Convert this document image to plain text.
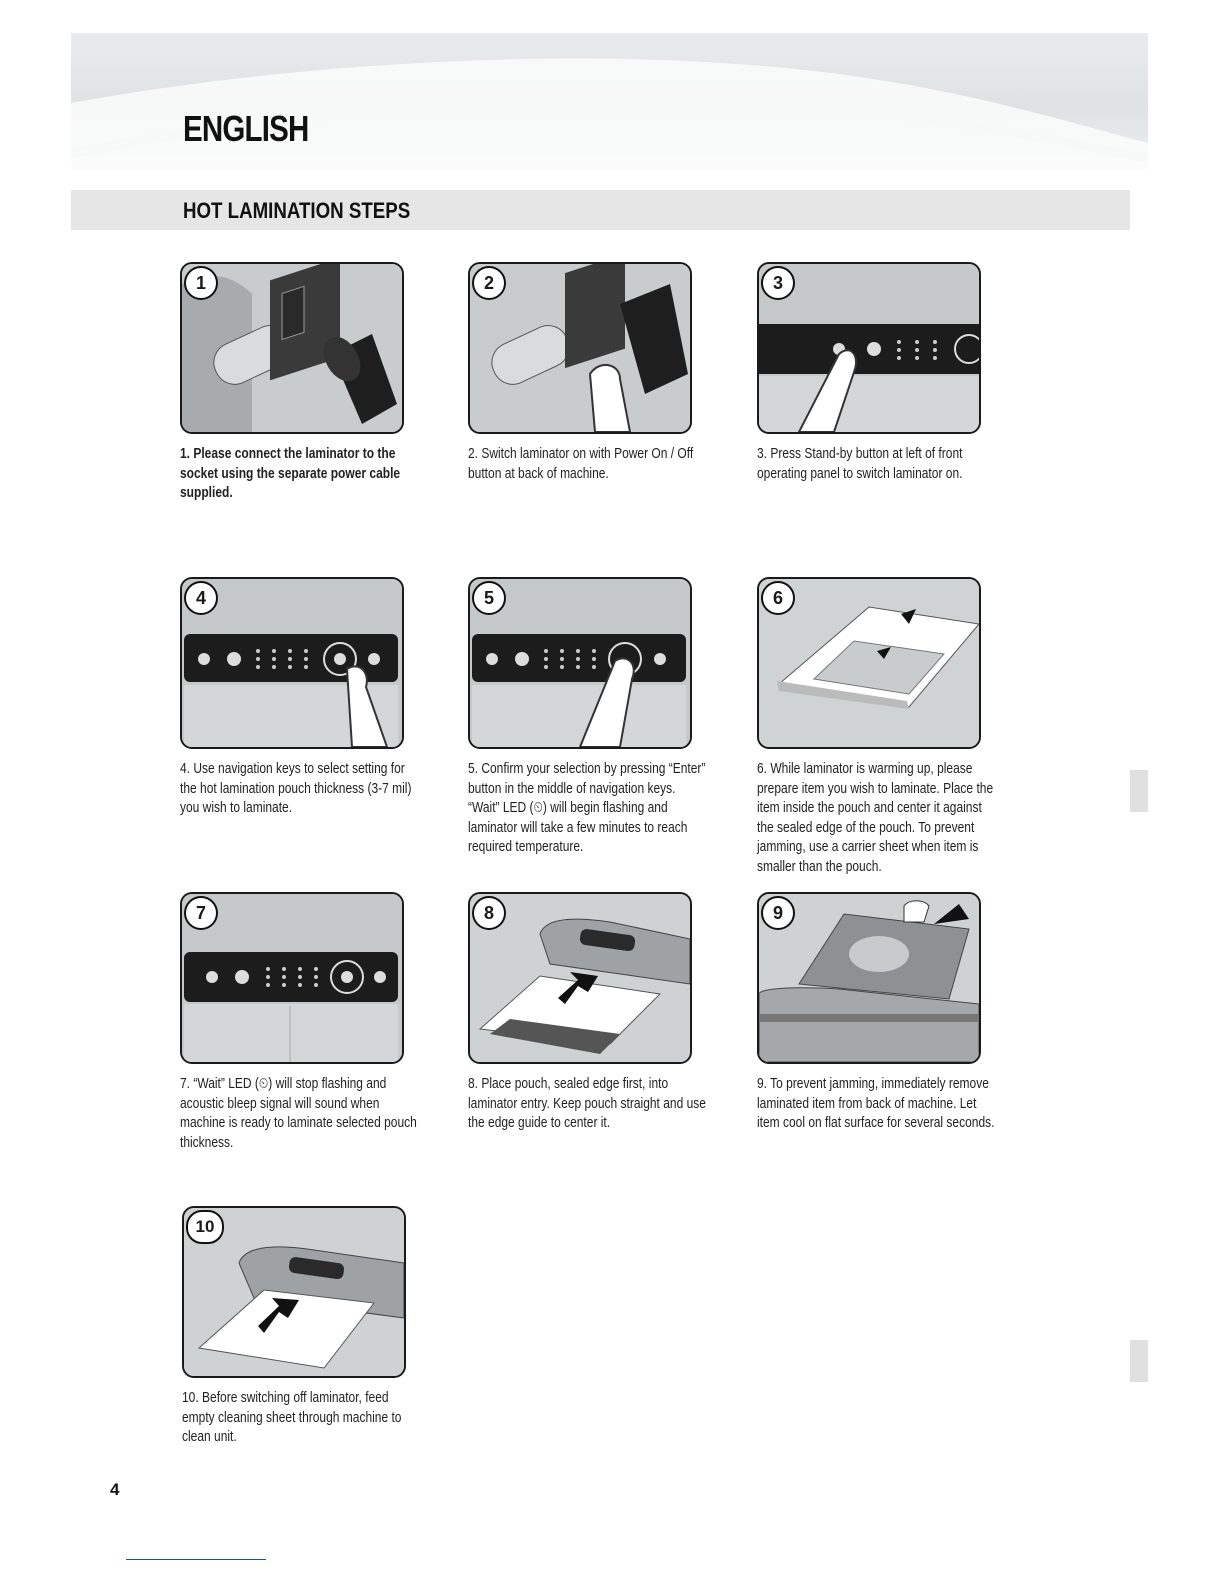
ENGLISH
HOT LAMINATION STEPS
1

1. Please connect the laminator to the socket using the separate power cable supplied.

2

2. Switch laminator on with Power On / Off button at back of machine.

3

3. Press Stand-by button at left of front operating panel to switch laminator on.

4

4. Use navigation keys to select setting for the hot lamination pouch thickness (3-7 mil) you wish to laminate.

5

5. Confirm your selection by pressing “Enter” button in the middle of navigation keys. “Wait” LED (⏲) will begin flashing and laminator will take a few minutes to reach required temperature.

6

6. While laminator is warming up, please prepare item you wish to laminate. Place the item inside the pouch and center it against the sealed edge of the pouch. To prevent jamming, use a carrier sheet when item is smaller than the pouch.

7

7. “Wait” LED (⏲) will stop flashing and acoustic bleep signal will sound when machine is ready to laminate selected pouch thickness.

8

8. Place pouch, sealed edge first, into laminator entry. Keep pouch straight and use the edge guide to center it.

9

9. To prevent jamming, immediately remove laminated item from back of machine. Let item cool on flat surface for several seconds.

10

10. Before switching off laminator, feed empty cleaning sheet through machine to clean unit.

4
